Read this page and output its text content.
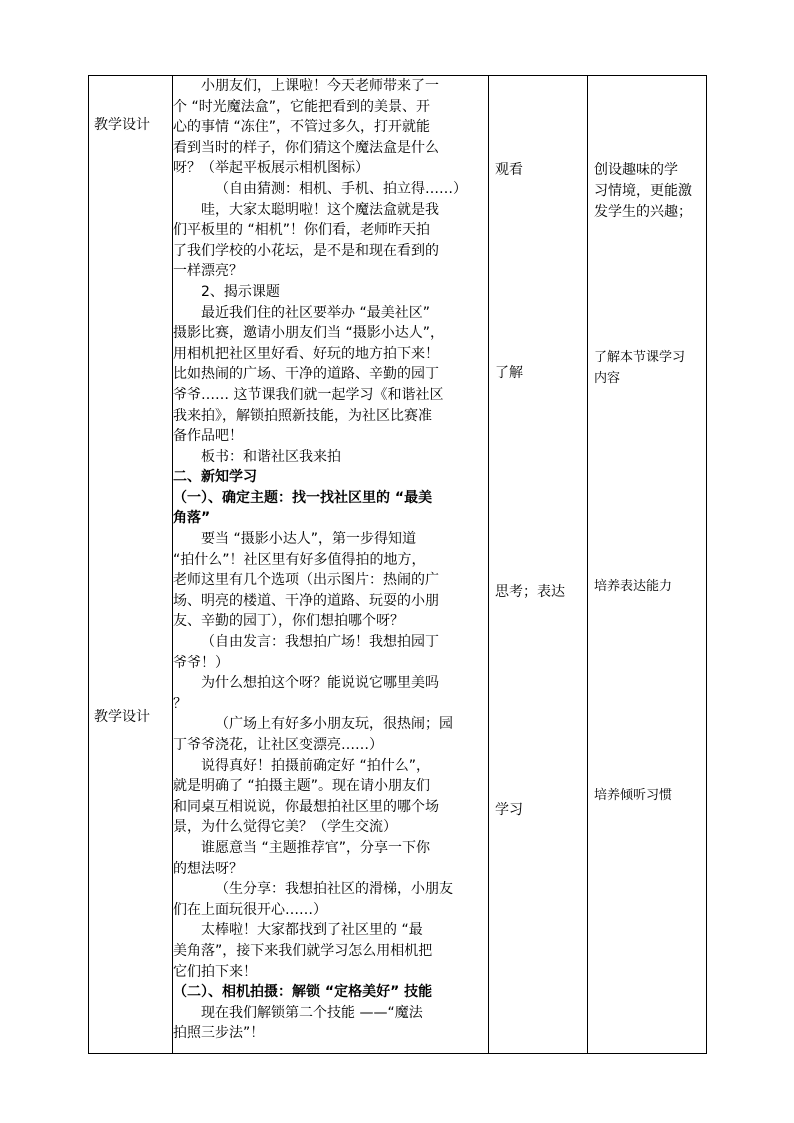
教学设计
教学设计
小朋友们，上课啦！今天老师带来了一
个 “时光魔法盒”，它能把看到的美景、开
心的事情 “冻住”，不管过多久，打开就能
看到当时的样子，你们猜这个魔法盒是什么
呀？（举起平板展示相机图标）
（自由猜测：相机、手机、拍立得……）
哇，大家太聪明啦！这个魔法盒就是我
们平板里的 “相机”！你们看，老师昨天拍
了我们学校的小花坛，是不是和现在看到的
一样漂亮？
2、揭示课题
最近我们住的社区要举办 “最美社区”
摄影比赛，邀请小朋友们当 “摄影小达人”，
用相机把社区里好看、好玩的地方拍下来！
比如热闹的广场、干净的道路、辛勤的园丁
爷爷…… 这节课我们就一起学习《和谐社区
我来拍》，解锁拍照新技能，为社区比赛准
备作品吧！
板书：和谐社区我来拍
二、新知学习
（一）、确定主题：找一找社区里的 “最美
角落”
要当 “摄影小达人”，第一步得知道
“拍什么”！社区里有好多值得拍的地方，
老师这里有几个选项（出示图片：热闹的广
场、明亮的楼道、干净的道路、玩耍的小朋
友、辛勤的园丁），你们想拍哪个呀？
（自由发言：我想拍广场！我想拍园丁
爷爷！）
为什么想拍这个呀？能说说它哪里美吗
？
（广场上有好多小朋友玩，很热闹；园
丁爷爷浇花，让社区变漂亮……）
说得真好！拍摄前确定好 “拍什么”，
就是明确了 “拍摄主题”。现在请小朋友们
和同桌互相说说，你最想拍社区里的哪个场
景，为什么觉得它美？（学生交流）
谁愿意当 “主题推荐官”，分享一下你
的想法呀？
（生分享：我想拍社区的滑梯，小朋友
们在上面玩很开心……）
太棒啦！大家都找到了社区里的 “最
美角落”，接下来我们就学习怎么用相机把
它们拍下来！
（二）、相机拍摄：解锁 “定格美好” 技能
现在我们解锁第二个技能 ——“魔法
拍照三步法”！
观看
了解
思考；表达
学习
创设趣味的学
习情境，更能激
发学生的兴趣；
了解本节课学习
内容
培养表达能力
培养倾听习惯
